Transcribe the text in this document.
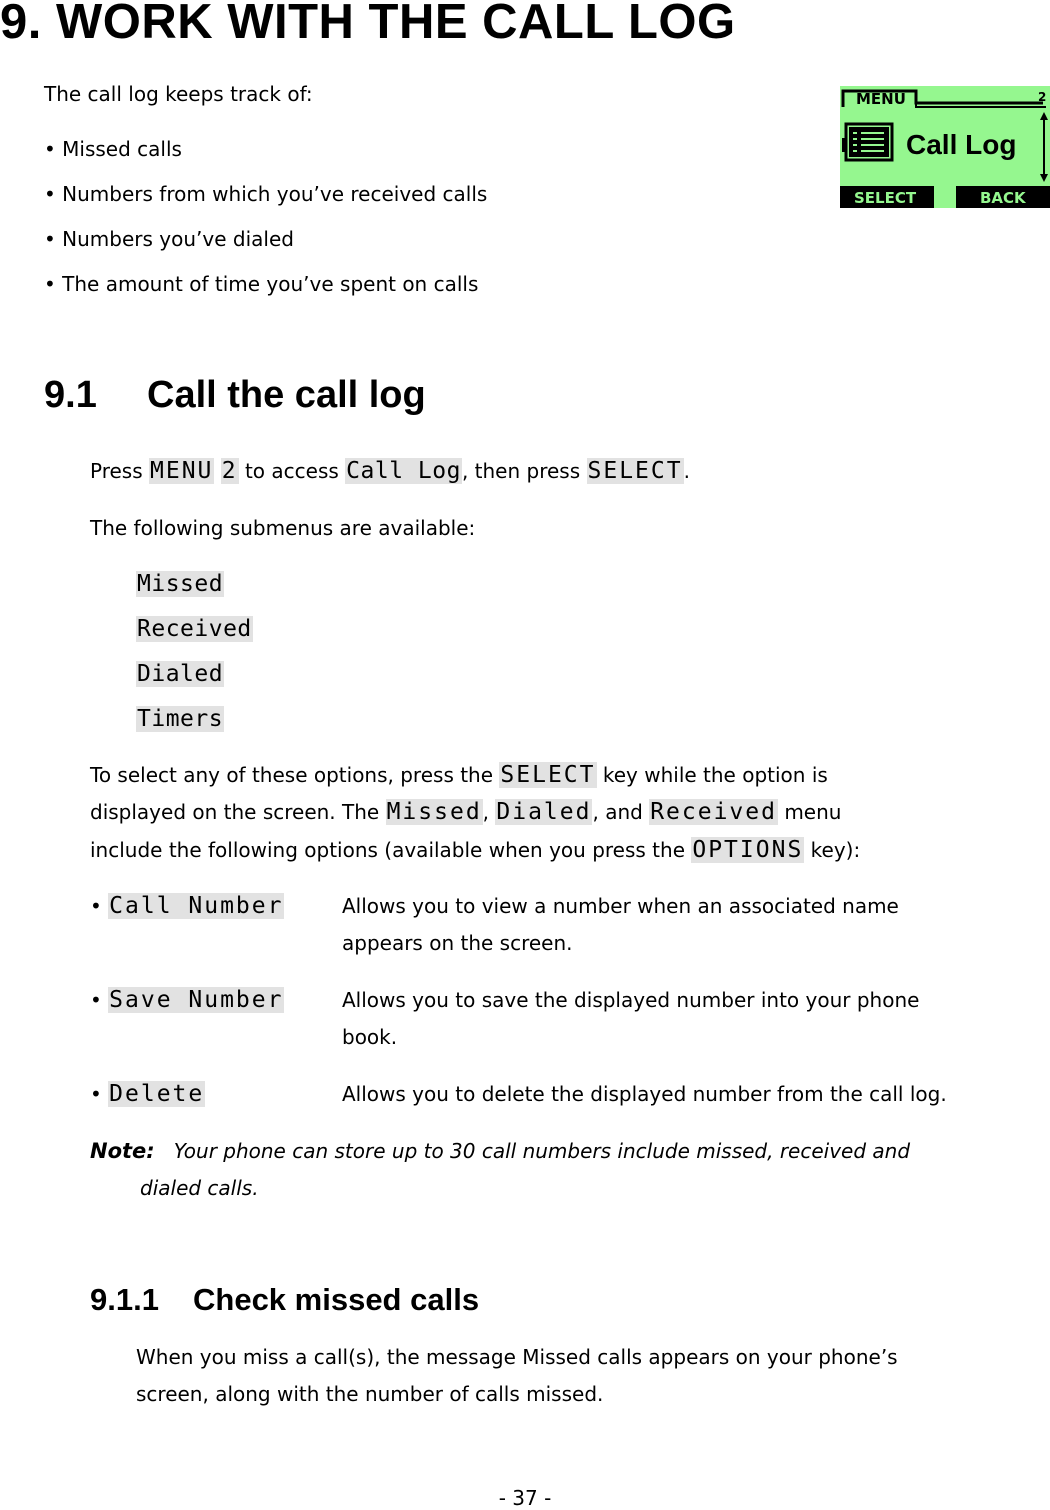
9. WORK WITH THE CALL LOG
The call log keeps track of:
• Missed calls
• Numbers from which you’ve received calls
• Numbers you’ve dialed
• The amount of time you’ve spent on calls
MENU	2
Call Log
SELECT	BACK
9.1 Call the call log
Press MENU 2 to access Call Log, then press SELECT.
The following submenus are available:
Missed
Received
Dialed
Timers
To select any of these options, press the SELECT key while the option is
displayed on the screen. The Missed, Dialed, and Received menu
include the following options (available when you press the OPTIONS key):
• Call Number	Allows you to view a number when an associated name
appears on the screen.
• Save Number	Allows you to save the displayed number into your phone
book.
• Delete	Allows you to delete the displayed number from the call log.
Note: Your phone can store up to 30 call numbers include missed, received and
dialed calls.
9.1.1 Check missed calls
When you miss a call(s), the message Missed calls appears on your phone’s
screen, along with the number of calls missed.
- 37 -
